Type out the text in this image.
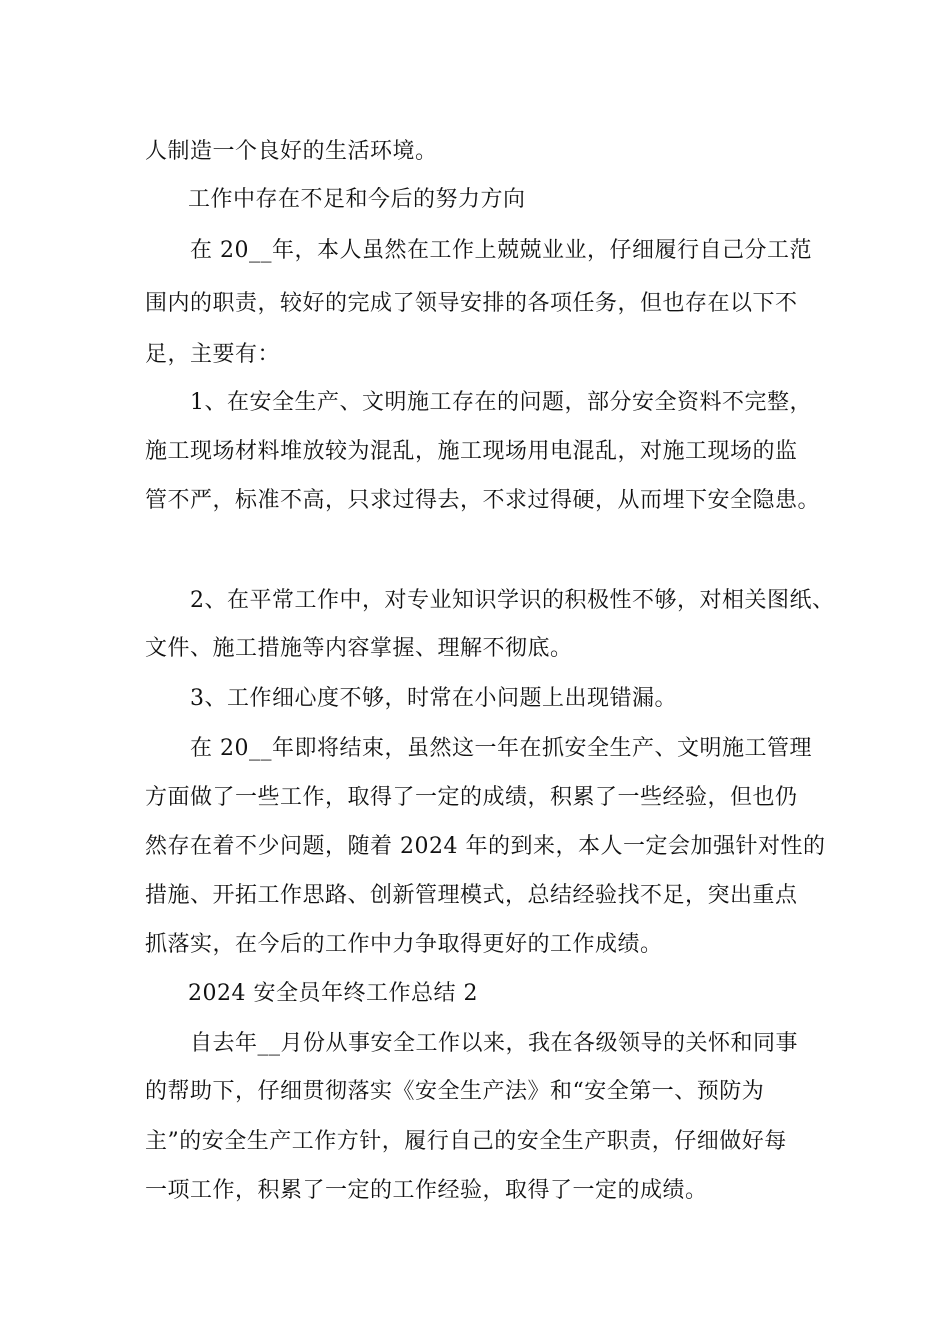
人制造一个良好的生活环境。
工作中存在不足和今后的努力方向
在 20__年，本人虽然在工作上兢兢业业，仔细履行自己分工范
围内的职责，较好的完成了领导安排的各项任务，但也存在以下不
足，主要有：
1、在安全生产、文明施工存在的问题，部分安全资料不完整，
施工现场材料堆放较为混乱，施工现场用电混乱，对施工现场的监
管不严，标准不高，只求过得去，不求过得硬，从而埋下安全隐患。
2、在平常工作中，对专业知识学识的积极性不够，对相关图纸、
文件、施工措施等内容掌握、理解不彻底。
3、工作细心度不够，时常在小问题上出现错漏。
在 20__年即将结束，虽然这一年在抓安全生产、文明施工管理
方面做了一些工作，取得了一定的成绩，积累了一些经验，但也仍
然存在着不少问题，随着 2024 年的到来，本人一定会加强针对性的
措施、开拓工作思路、创新管理模式，总结经验找不足，突出重点
抓落实，在今后的工作中力争取得更好的工作成绩。
2024 安全员年终工作总结 2
自去年__月份从事安全工作以来，我在各级领导的关怀和同事
的帮助下，仔细贯彻落实《安全生产法》和“安全第一、预防为
主”的安全生产工作方针，履行自己的安全生产职责，仔细做好每
一项工作，积累了一定的工作经验，取得了一定的成绩。
